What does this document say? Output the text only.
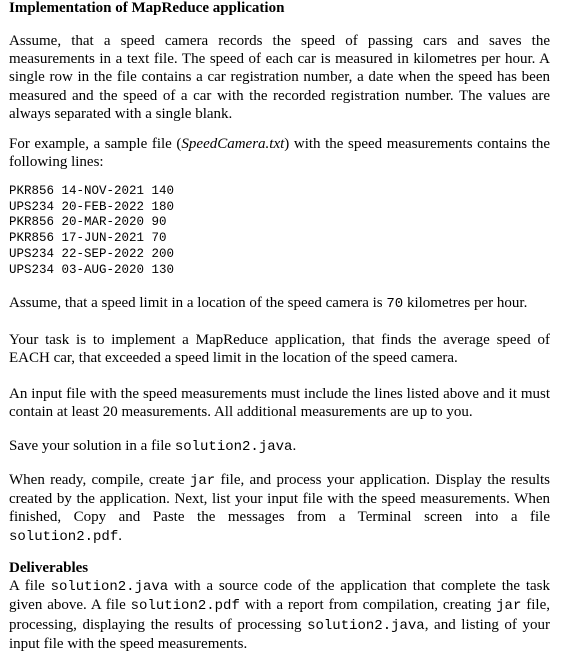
Implementation of MapReduce application
Assume, that a speed camera records the speed of passing cars and saves the measurements in a text file. The speed of each car is measured in kilometres per hour. A single row in the file contains a car registration number, a date when the speed has been measured and the speed of a car with the recorded registration number. The values are always separated with a single blank.
For example, a sample file (SpeedCamera.txt) with the speed measurements contains the following lines:
PKR856 14-NOV-2021 140
UPS234 20-FEB-2022 180
PKR856 20-MAR-2020 90
PKR856 17-JUN-2021 70
UPS234 22-SEP-2022 200
UPS234 03-AUG-2020 130
Assume, that a speed limit in a location of the speed camera is 70 kilometres per hour.
Your task is to implement a MapReduce application, that finds the average speed of EACH car, that exceeded a speed limit in the location of the speed camera.
An input file with the speed measurements must include the lines listed above and it must contain at least 20 measurements. All additional measurements are up to you.
Save your solution in a file solution2.java.
When ready, compile, create jar file, and process your application. Display the results created by the application. Next, list your input file with the speed measurements. When finished, Copy and Paste the messages from a Terminal screen into a file solution2.pdf.
Deliverables
A file solution2.java with a source code of the application that complete the task given above. A file solution2.pdf with a report from compilation, creating jar file, processing, displaying the results of processing solution2.java, and listing of your input file with the speed measurements.
